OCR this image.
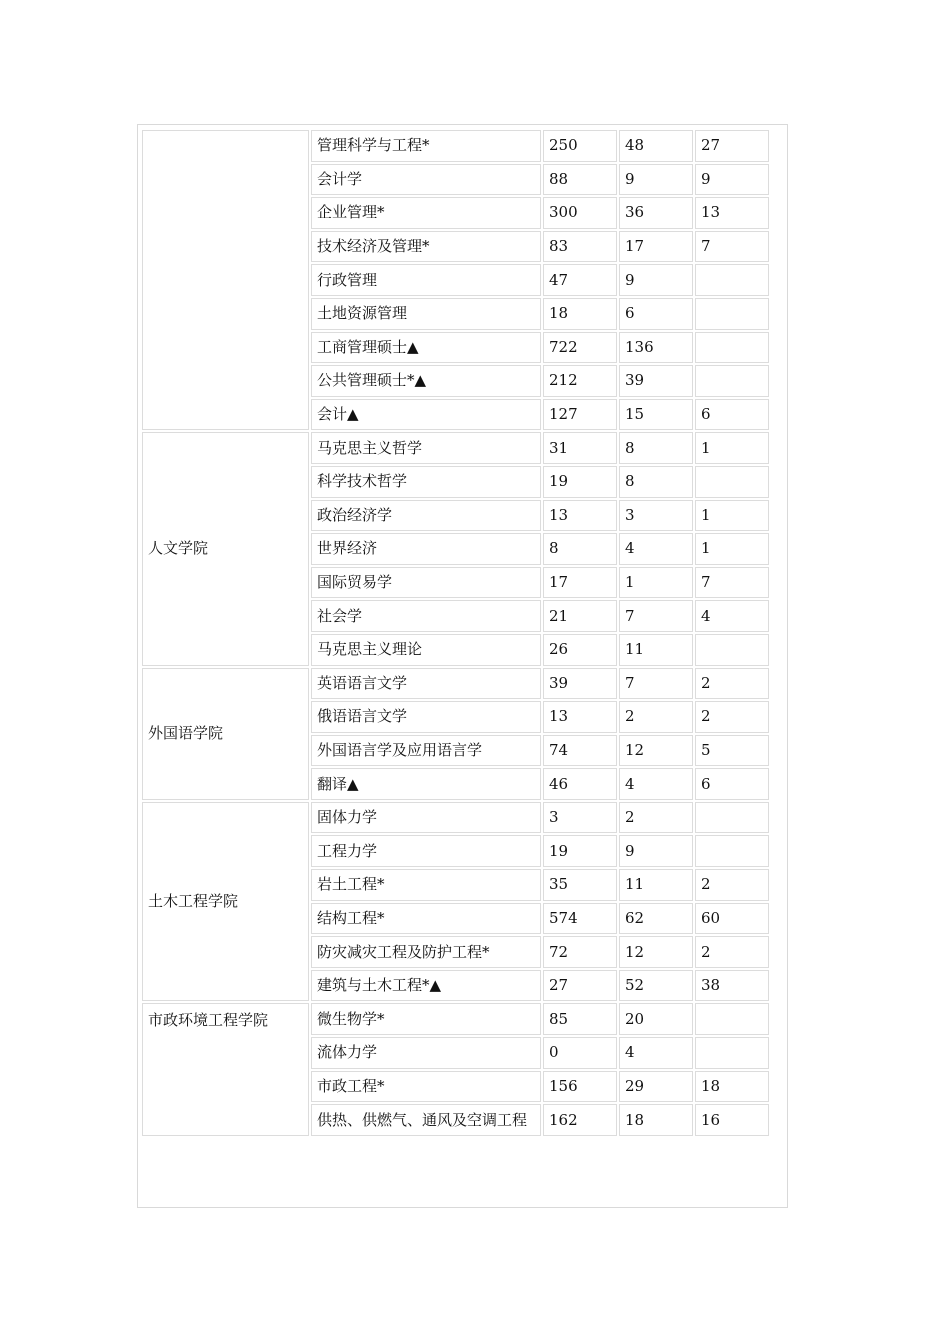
	管理科学与工程*	250	48	27
	会计学	88	9	9
	企业管理*	300	36	13
	技术经济及管理*	83	17	7
	行政管理	47	9	
	土地资源管理	18	6	
	工商管理硕士▲	722	136	
	公共管理硕士*▲	212	39	
	会计▲	127	15	6
人文学院	马克思主义哲学	31	8	1
	科学技术哲学	19	8	
	政治经济学	13	3	1
	世界经济	8	4	1
	国际贸易学	17	1	7
	社会学	21	7	4
	马克思主义理论	26	11	
外国语学院	英语语言文学	39	7	2
	俄语语言文学	13	2	2
	外国语言学及应用语言学	74	12	5
	翻译▲	46	4	6
土木工程学院	固体力学	3	2	
	工程力学	19	9	
	岩土工程*	35	11	2
	结构工程*	574	62	60
	防灾减灾工程及防护工程*	72	12	2
	建筑与土木工程*▲	27	52	38
市政环境工程学院	微生物学*	85	20	
	流体力学	0	4	
	市政工程*	156	29	18
	供热、供燃气、通风及空调工程	162	18	16
